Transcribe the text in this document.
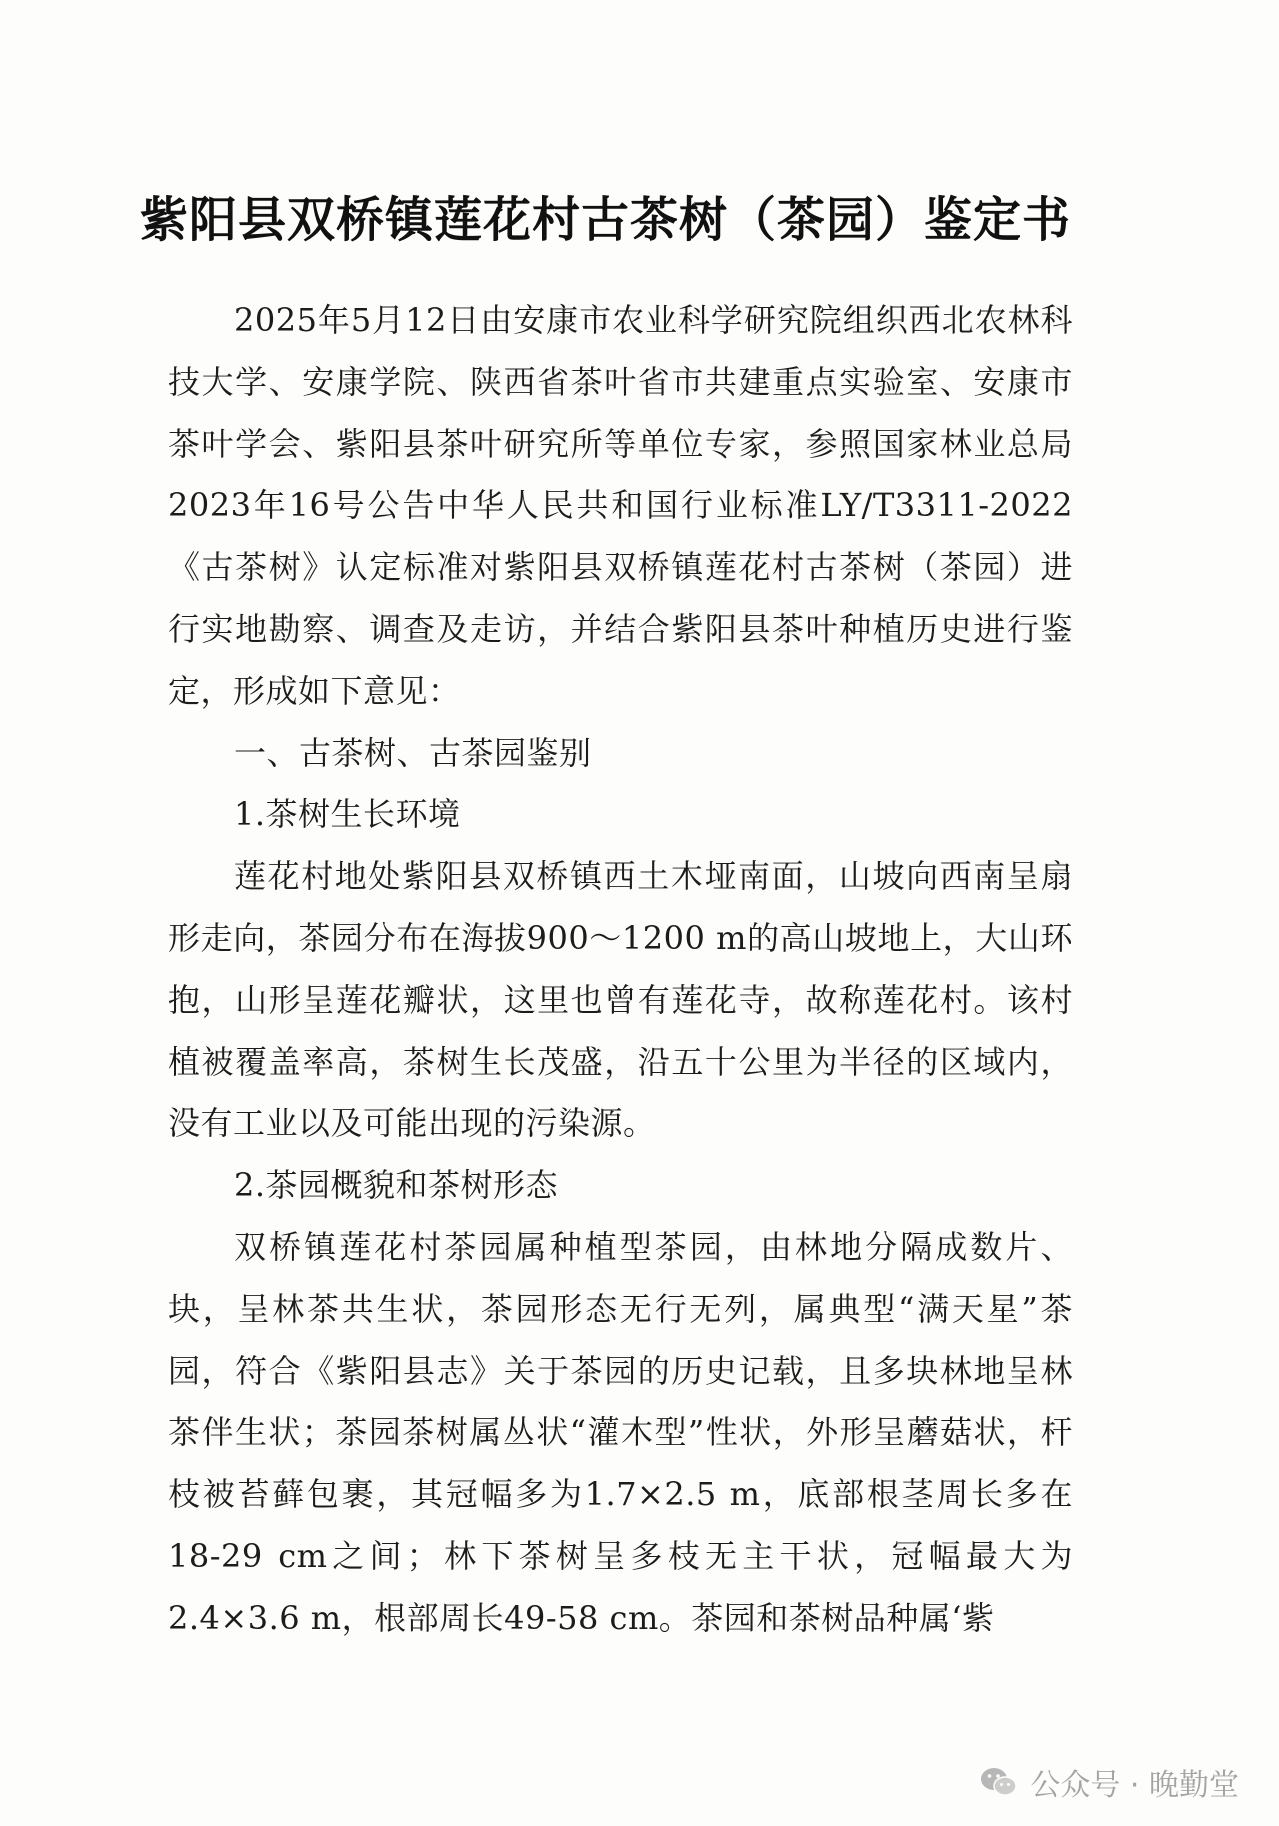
紫阳县双桥镇莲花村古茶树（茶园）鉴定书

2025年5月12日由安康市农业科学研究院组织西北农林科技大学、安康学院、陕西省茶叶省市共建重点实验室、安康市茶叶学会、紫阳县茶叶研究所等单位专家，参照国家林业总局2023年16号公告中华人民共和国行业标准LY/T3311-2022《古茶树》认定标准对紫阳县双桥镇莲花村古茶树（茶园）进行实地勘察、调查及走访，并结合紫阳县茶叶种植历史进行鉴定，形成如下意见：

一、古茶树、古茶园鉴别

1.茶树生长环境

莲花村地处紫阳县双桥镇西土木垭南面，山坡向西南呈扇形走向，茶园分布在海拔900～1200 m的高山坡地上，大山环抱，山形呈莲花瓣状，这里也曾有莲花寺，故称莲花村。该村植被覆盖率高，茶树生长茂盛，沿五十公里为半径的区域内，没有工业以及可能出现的污染源。

2.茶园概貌和茶树形态

双桥镇莲花村茶园属种植型茶园，由林地分隔成数片、块，呈林茶共生状，茶园形态无行无列，属典型“满天星”茶园，符合《紫阳县志》关于茶园的历史记载，且多块林地呈林茶伴生状；茶园茶树属丛状“灌木型”性状，外形呈蘑菇状，杆枝被苔藓包裹，其冠幅多为1.7×2.5 m，底部根茎周长多在18-29 cm之间；林下茶树呈多枝无主干状，冠幅最大为2.4×3.6 m，根部周长49-58 cm。茶园和茶树品种属‘紫

公众号 · 晚勤堂
